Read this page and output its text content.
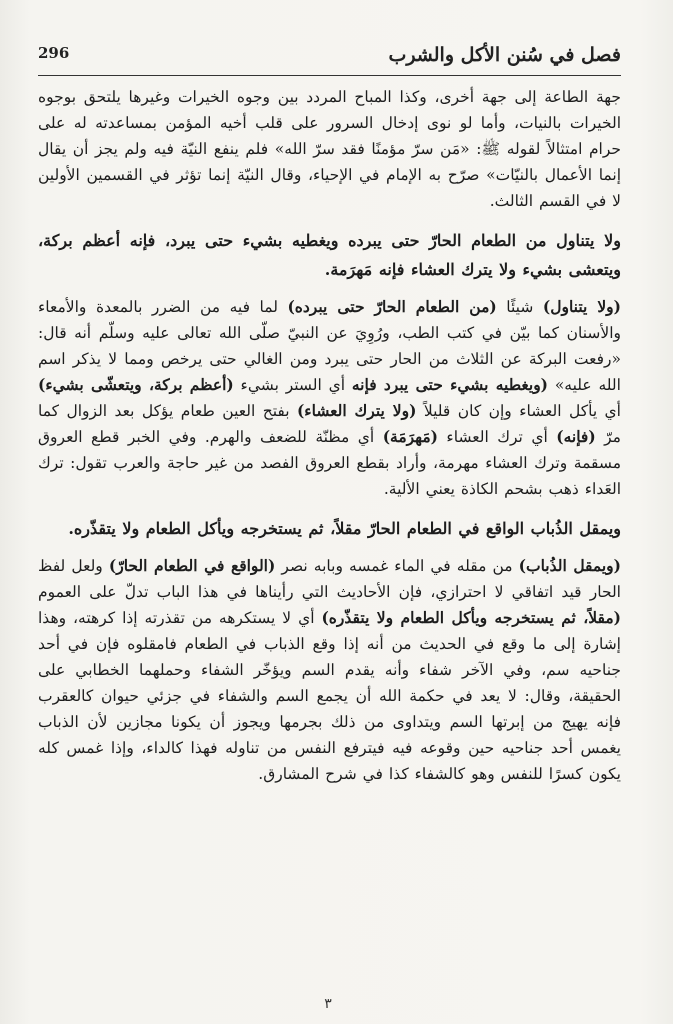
فصل في سُنن الأكل والشرب
296

جهة الطاعة إلى جهة أخرى، وكذا المباح المردد بين وجوه الخيرات وغيرها يلتحق بوجوه الخيرات بالنيات، وأما لو نوى إدخال السرور على قلب أخيه المؤمن بمساعدته له على حرام امتثالاً لقوله ﷺ: «مَن سرّ مؤمنًا فقد سرّ الله» فلم ينفع النيّة فيه ولم يجز أن يقال إنما الأعمال بالنيّات» صرّح به الإمام في الإحياء، وقال النيّة إنما تؤثر في القسمين الأولين لا في القسم الثالث.

ولا يتناول من الطعام الحارّ حتى يبرده ويغطيه بشيء حتى يبرد، فإنه أعظم بركة، ويتعشى بشيء ولا يترك العشاء فإنه مَهرَمة.

(ولا يتناول) شيئًا (من الطعام الحارّ حتى يبرده) لما فيه من الضرر بالمعدة والأمعاء والأسنان كما بيّن في كتب الطب، ورُوِيَ عن النبيّ صلّى الله تعالى عليه وسلّم أنه قال: «رفعت البركة عن الثلاث من الحار حتى يبرد ومن الغالي حتى يرخص ومما لا يذكر اسم الله عليه» (ويغطيه بشيء حتى يبرد فإنه أي الستر بشيء (أعظم بركة، ويتعشّى بشيء) أي يأكل العشاء وإن كان قليلاً (ولا يترك العشاء) بفتح العين طعام يؤكل بعد الزوال كما مرّ (فإنه) أي ترك العشاء (مَهرَمَة) أي مظنّة للضعف والهرم. وفي الخبر قطع العروق مسقمة وترك العشاء مهرمة، وأراد بقطع العروق الفصد من غير حاجة والعرب تقول: ترك العَداء ذهب بشحم الكاذة يعني الألية.

ويمقل الذُباب الواقع في الطعام الحارّ مقلاً، ثم يستخرجه ويأكل الطعام ولا يتقذّره.

(ويمقل الذُباب) من مقله في الماء غمسه وبابه نصر (الواقع في الطعام الحارّ) ولعل لفظ الحار قيد اتفاقي لا احترازي، فإن الأحاديث التي رأيناها في هذا الباب تدلّ على العموم (مقلاً، ثم يستخرجه ويأكل الطعام ولا يتقذّره) أي لا يستكرهه من تقذرته إذا كرهته، وهذا إشارة إلى ما وقع في الحديث من أنه إذا وقع الذباب في الطعام فامقلوه فإن في أحد جناحيه سم، وفي الآخر شفاء وأنه يقدم السم ويؤخّر الشفاء وحملهما الخطابي على الحقيقة، وقال: لا يعد في حكمة الله أن يجمع السم والشفاء في جزئي حيوان كالعقرب فإنه يهيج من إبرتها السم ويتداوى من ذلك بجرمها ويجوز أن يكونا مجازين لأن الذباب يغمس أحد جناحيه حين وقوعه فيه فيترفع النفس من تناوله فهذا كالداء، وإذا غمس كله يكون كسرًا للنفس وهو كالشفاء كذا في شرح المشارق.

٣
